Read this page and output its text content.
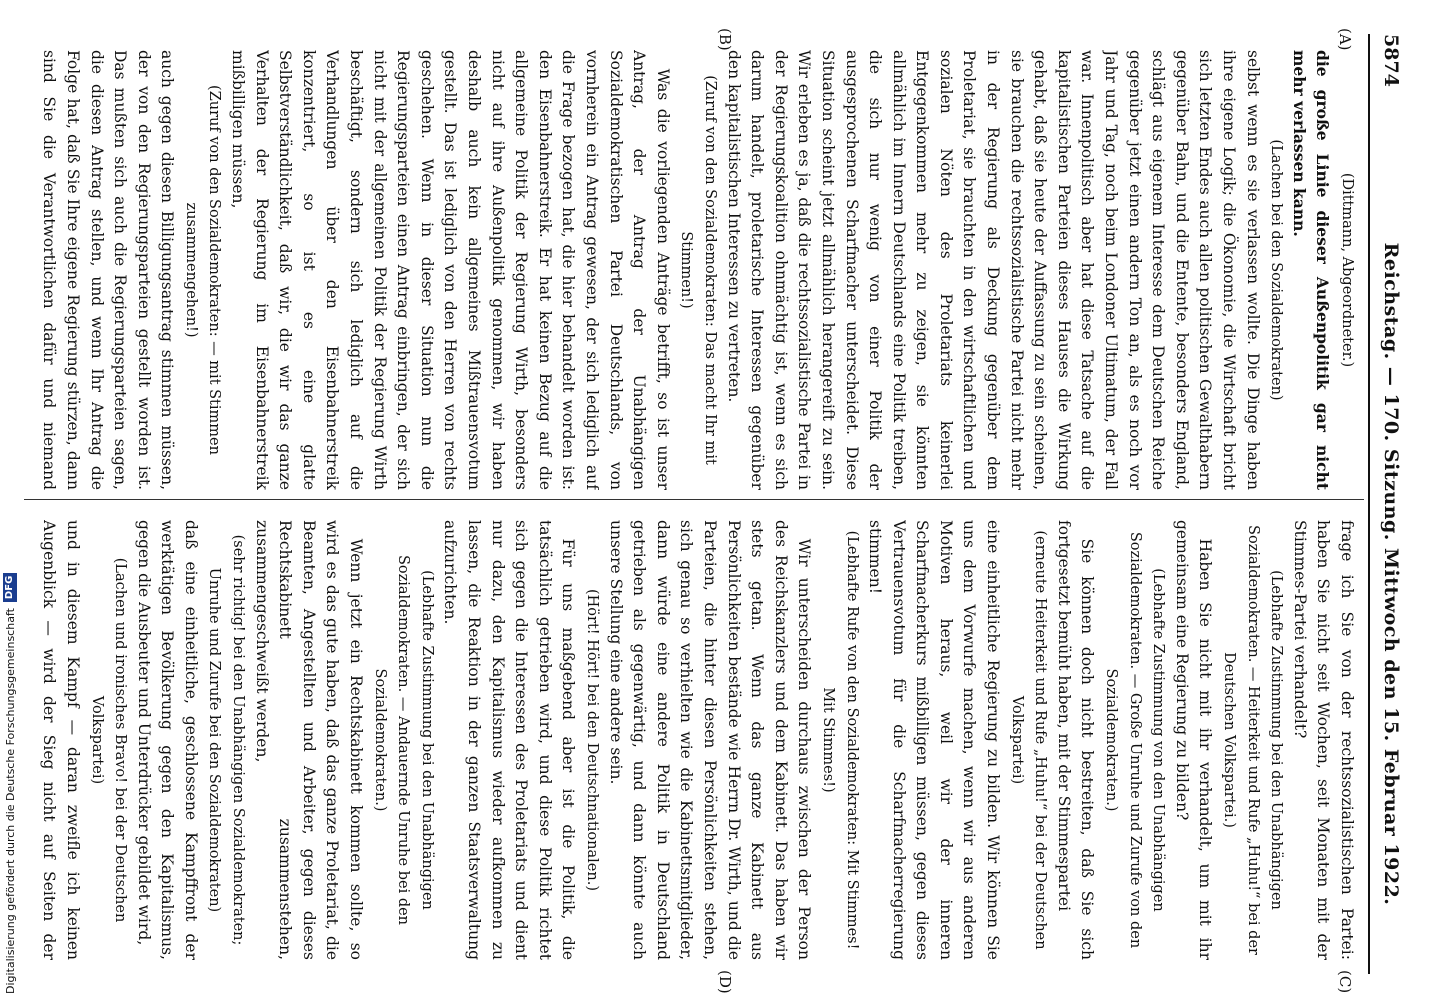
5874
Reichstag. — 170. Sitzung. Mittwoch den 15. Februar 1922.
(A)
(B)
(C)
(D)

(Dittmann, Abgeordneter.)

die große Linie dieser Außenpolitik gar nicht mehr verlassen kann.

(Lachen bei den Sozialdemokraten)

selbst wenn es sie verlassen wollte. Die Dinge haben ihre eigene Logik; die Ökonomie, die Wirtschaft bricht sich letzten Endes auch allen politischen Gewalthabern gegenüber Bahn, und die Entente, besonders England, schlägt aus eigenem Interesse dem Deutschen Reiche gegenüber jetzt einen andern Ton an, als es noch vor Jahr und Tag, noch beim Londoner Ultimatum, der Fall war. Innenpolitisch aber hat diese Tatsache auf die kapitalistischen Parteien dieses Hauses die Wirkung gehabt, daß sie heute der Auffassung zu sein scheinen, sie brauchen die rechtssozialistische Partei nicht mehr in der Regierung als Deckung gegenüber dem Proletariat, sie brauchten in den wirtschaftlichen und sozialen Nöten des Proletariats keinerlei Entgegenkommen mehr zu zeigen, sie könnten allmählich im Innern Deutschlands eine Politik treiben, die sich nur wenig von einer Politik der ausgesprochenen Scharfmacher unterscheidet. Diese Situation scheint jetzt allmählich herangereift zu sein. Wir erleben es ja, daß die rechtssozialistische Partei in der Regierungskoalition ohnmächtig ist, wenn es sich darum handelt, proletarische Interessen gegenüber den kapitalistischen Interessen zu vertreten.

(Zuruf von den Sozialdemokraten: Das macht Ihr mit Stimmen!)

Was die vorliegenden Anträge betrifft, so ist unser Antrag, der Antrag der Unabhängigen Sozialdemokratischen Partei Deutschlands, von vornherein ein Antrag gewesen, der sich lediglich auf die Frage bezogen hat, die hier behandelt worden ist: den Eisenbahnerstreik. Er hat keinen Bezug auf die allgemeine Politik der Regierung Wirth, besonders nicht auf ihre Außenpolitik genommen, wir haben deshalb auch kein allgemeines Mißtrauensvotum gestellt. Das ist lediglich von den Herren von rechts geschehen. Wenn in dieser Situation nun die Regierungsparteien einen Antrag einbringen, der sich nicht mit der allgemeinen Politik der Regierung Wirth beschäftigt, sondern sich lediglich auf die Verhandlungen über den Eisenbahnerstreik konzentriert, so ist es eine glatte Selbstverständlichkeit, daß wir, die wir das ganze Verhalten der Regierung im Eisenbahnerstreik mißbilligen müssen,

(Zuruf von den Sozialdemokraten: — mit Stimmen zusammengehen!)

auch gegen diesen Billigungsantrag stimmen müssen, der von den Regierungsparteien gestellt worden ist. Das mußten sich auch die Regierungsparteien sagen, die diesen Antrag stellen, und wenn Ihr Antrag die Folge hat, daß Sie Ihre eigene Regierung stürzen, dann sind Sie die Verantwortlichen dafür und niemand

frage ich Sie von der rechtssozialistischen Partei: haben Sie nicht seit Wochen, seit Monaten mit der Stimmes-Partei verhandelt?

(Lebhafte Zustimmung bei den Unabhängigen Sozialdemokraten. — Heiterkeit und Rufe „Huhu!“ bei der Deutschen Volkspartei.)

Haben Sie nicht mit ihr verhandelt, um mit ihr gemeinsam eine Regierung zu bilden?

(Lebhafte Zustimmung von den Unabhängigen Sozialdemokraten. — Große Unruhe und Zurufe von den Sozialdemokraten.)

Sie können doch nicht bestreiten, daß Sie sich fortgesetzt bemüht haben, mit der Stimmespartei

(erneute Heiterkeit und Rufe „Huhu!“ bei der Deutschen Volkspartei)

eine einheitliche Regierung zu bilden. Wir können Sie uns dem Vorwurfe machen, wenn wir aus anderen Motiven heraus, weil wir der inneren Scharfmacherkurs mißbilligen müssen, gegen dieses Vertrauensvotum für die Scharfmacherregierung stimmen!

(Lebhafte Rufe von den Sozialdemokraten: Mit Stimmes! Mit Stimmes!)

Wir unterscheiden durchaus zwischen der Person des Reichskanzlers und dem Kabinett. Das haben wir stets getan. Wenn das ganze Kabinett aus Persönlichkeiten bestände wie Herrn Dr. Wirth, und die Parteien, die hinter diesen Persönlichkeiten stehen, sich genau so verhielten wie die Kabinettsmitglieder, dann würde eine andere Politik in Deutschland getrieben als gegenwärtig, und dann könnte auch unsere Stellung eine andere sein.

(Hört! Hört! bei den Deutschnationalen.)

Für uns maßgebend aber ist die Politik, die tatsächlich getrieben wird, und diese Politik richtet sich gegen die Interessen des Proletariats und dient nur dazu, den Kapitalismus wieder aufkommen zu lassen, die Reaktion in der ganzen Staatsverwaltung aufzurichten.

(Lebhafte Zustimmung bei den Unabhängigen Sozialdemokraten. — Andauernde Unruhe bei den Sozialdemokraten.)

Wenn jetzt ein Rechtskabinett kommen sollte, so wird es das gute haben, daß das ganze Proletariat, die Beamten, Angestellten und Arbeiter, gegen dieses Rechtskabinett zusammenstehen, zusammengeschweißt werden,

(sehr richtig! bei den Unabhängigen Sozialdemokraten; Unruhe und Zurufe bei den Sozialdemokraten)

daß eine einheitliche, geschlossene Kampffront der werktätigen Bevölkerung gegen den Kapitalismus, gegen die Ausbeuter und Unterdrücker gebildet wird,

(Lachen und ironisches Bravo! bei der Deutschen Volkspartei)

und in diesem Kampf — daran zweifle ich keinen Augenblick — wird der Sieg nicht auf Seiten der

Digitalisierung gefördert durch die Deutsche Forschungsgemeinschaft
DFG
